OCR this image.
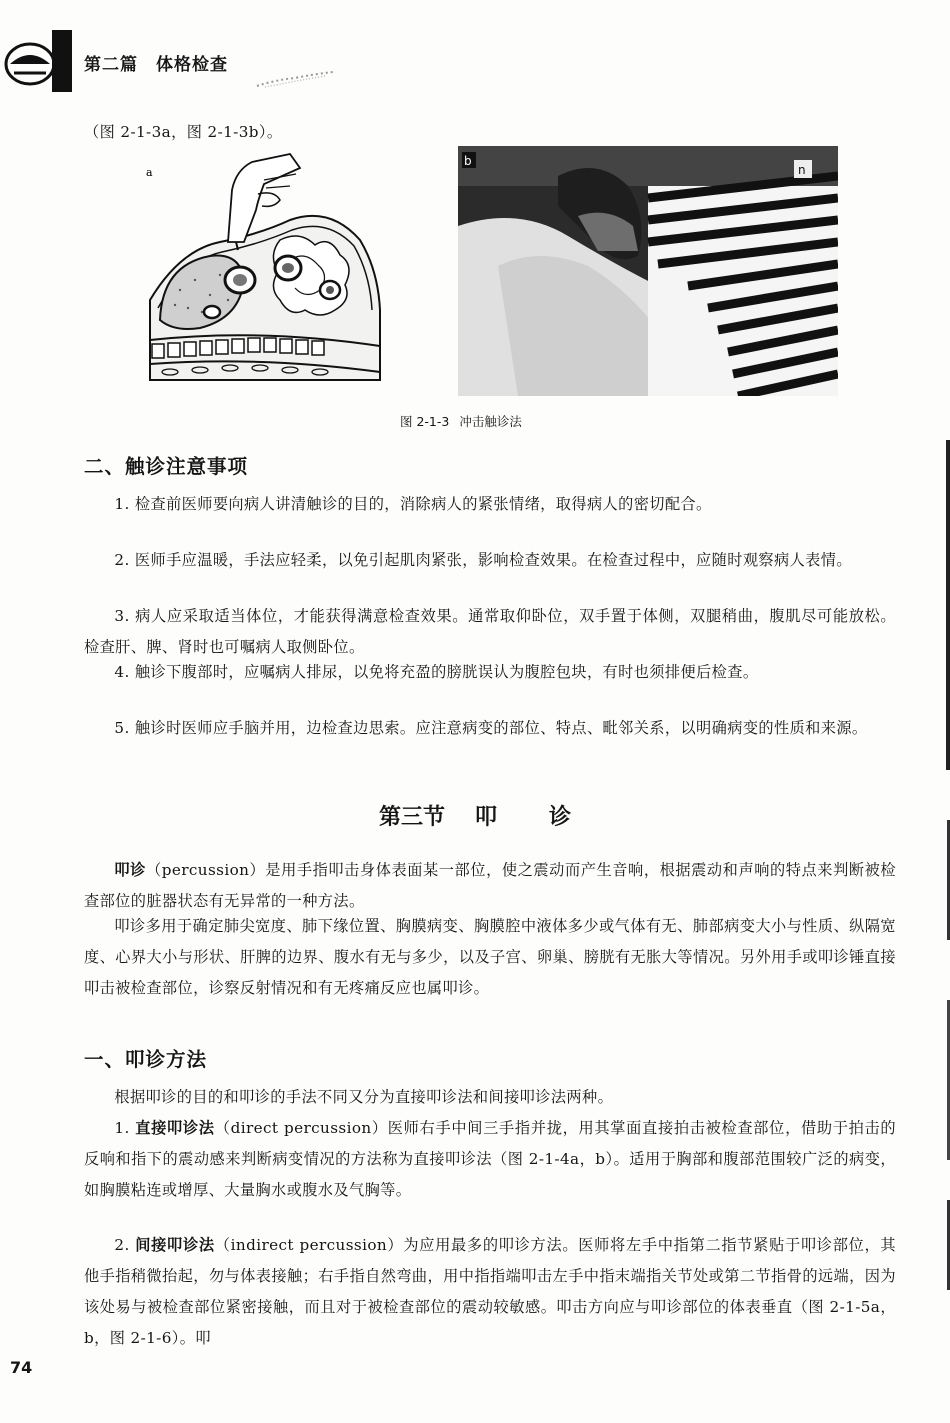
第二篇 体格检查
（图 2-1-3a，图 2-1-3b）。
a
b
n
图 2-1-3 冲击触诊法
二、触诊注意事项
1. 检查前医师要向病人讲清触诊的目的，消除病人的紧张情绪，取得病人的密切配合。
2. 医师手应温暖，手法应轻柔，以免引起肌肉紧张，影响检查效果。在检查过程中，应随时观察病人表情。
3. 病人应采取适当体位，才能获得满意检查效果。通常取仰卧位，双手置于体侧，双腿稍曲，腹肌尽可能放松。检查肝、脾、肾时也可嘱病人取侧卧位。
4. 触诊下腹部时，应嘱病人排尿，以免将充盈的膀胱误认为腹腔包块，有时也须排便后检查。
5. 触诊时医师应手脑并用，边检查边思索。应注意病变的部位、特点、毗邻关系，以明确病变的性质和来源。
第三节 叩 诊
叩诊（percussion）是用手指叩击身体表面某一部位，使之震动而产生音响，根据震动和声响的特点来判断被检查部位的脏器状态有无异常的一种方法。
叩诊多用于确定肺尖宽度、肺下缘位置、胸膜病变、胸膜腔中液体多少或气体有无、肺部病变大小与性质、纵隔宽度、心界大小与形状、肝脾的边界、腹水有无与多少，以及子宫、卵巢、膀胱有无胀大等情况。另外用手或叩诊锤直接叩击被检查部位，诊察反射情况和有无疼痛反应也属叩诊。
一、叩诊方法
根据叩诊的目的和叩诊的手法不同又分为直接叩诊法和间接叩诊法两种。
1. 直接叩诊法（direct percussion）医师右手中间三手指并拢，用其掌面直接拍击被检查部位，借助于拍击的反响和指下的震动感来判断病变情况的方法称为直接叩诊法（图 2-1-4a，b）。适用于胸部和腹部范围较广泛的病变，如胸膜粘连或增厚、大量胸水或腹水及气胸等。
2. 间接叩诊法（indirect percussion）为应用最多的叩诊方法。医师将左手中指第二指节紧贴于叩诊部位，其他手指稍微抬起，勿与体表接触；右手指自然弯曲，用中指指端叩击左手中指末端指关节处或第二节指骨的远端，因为该处易与被检查部位紧密接触，而且对于被检查部位的震动较敏感。叩击方向应与叩诊部位的体表垂直（图 2-1-5a，b，图 2-1-6）。叩
74
